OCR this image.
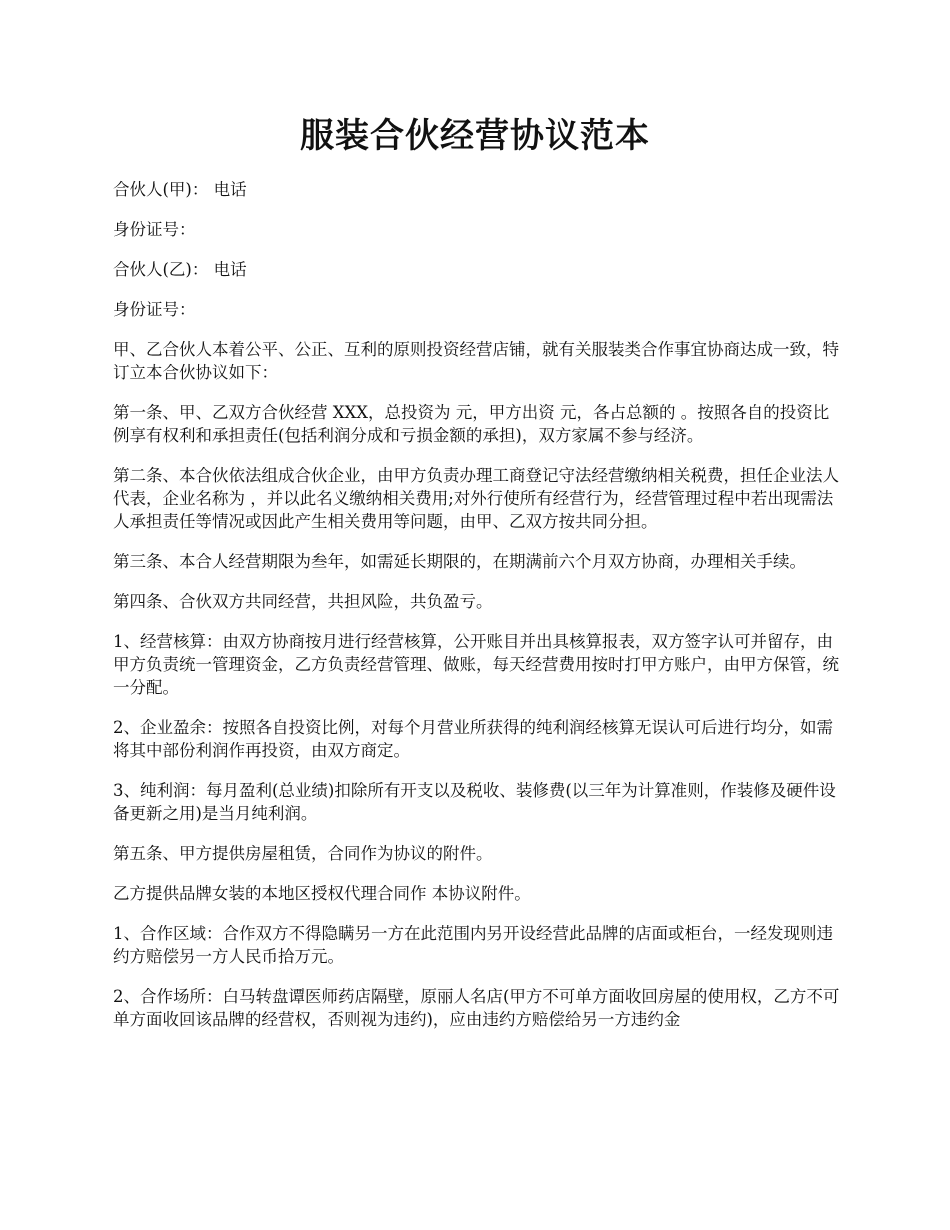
服装合伙经营协议范本

合伙人(甲)： 电话

身份证号：

合伙人(乙)： 电话

身份证号：

甲、乙合伙人本着公平、公正、互利的原则投资经营店铺，就有关服装类合作事宜协商达成一致，特订立本合伙协议如下：

第一条、甲、乙双方合伙经营 XXX，总投资为 元，甲方出资 元，各占总额的 。按照各自的投资比例享有权利和承担责任(包括利润分成和亏损金额的承担)，双方家属不参与经济。

第二条、本合伙依法组成合伙企业，由甲方负责办理工商登记守法经营缴纳相关税费，担任企业法人代表，企业名称为 ，并以此名义缴纳相关费用;对外行使所有经营行为，经营管理过程中若出现需法人承担责任等情况或因此产生相关费用等问题，由甲、乙双方按共同分担。

第三条、本合人经营期限为叁年，如需延长期限的，在期满前六个月双方协商，办理相关手续。

第四条、合伙双方共同经营，共担风险，共负盈亏。

1、经营核算：由双方协商按月进行经营核算，公开账目并出具核算报表，双方签字认可并留存，由甲方负责统一管理资金，乙方负责经营管理、做账，每天经营费用按时打甲方账户，由甲方保管，统一分配。

2、企业盈余：按照各自投资比例，对每个月营业所获得的纯利润经核算无误认可后进行均分，如需将其中部份利润作再投资，由双方商定。

3、纯利润：每月盈利(总业绩)扣除所有开支以及税收、装修费(以三年为计算准则，作装修及硬件设备更新之用)是当月纯利润。

第五条、甲方提供房屋租赁，合同作为协议的附件。

乙方提供品牌女装的本地区授权代理合同作 本协议附件。

1、合作区域：合作双方不得隐瞒另一方在此范围内另开设经营此品牌的店面或柜台，一经发现则违约方赔偿另一方人民币拾万元。

2、合作场所：白马转盘谭医师药店隔壁，原丽人名店(甲方不可单方面收回房屋的使用权，乙方不可单方面收回该品牌的经营权，否则视为违约)，应由违约方赔偿给另一方违约金
